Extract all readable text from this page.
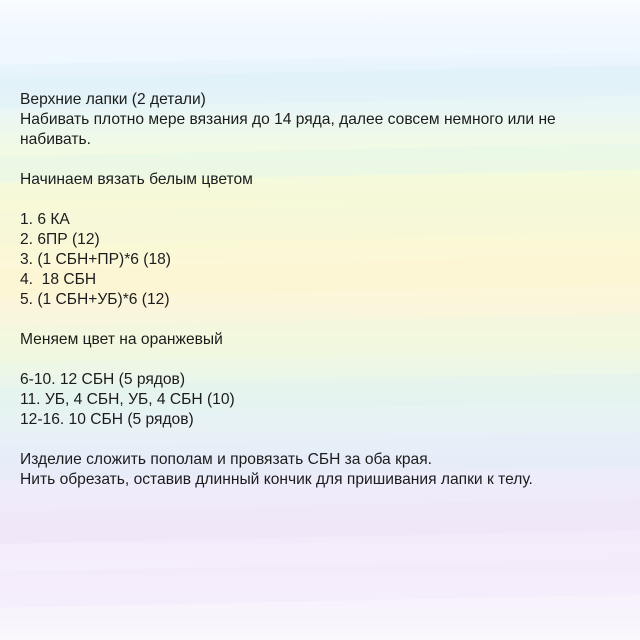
Верхние лапки (2 детали)
Набивать плотно мере вязания до 14 ряда, далее совсем немного или не
набивать.
Начинаем вязать белым цветом
1. 6 КА
2. 6ПР (12)
3. (1 СБН+ПР)*6 (18)
4.  18 СБН
5. (1 СБН+УБ)*6 (12)
Меняем цвет на оранжевый
6-10. 12 СБН (5 рядов)
11. УБ, 4 СБН, УБ, 4 СБН (10)
12-16. 10 СБН (5 рядов)
Изделие сложить пополам и провязать СБН за оба края.
Нить обрезать, оставив длинный кончик для пришивания лапки к телу.
